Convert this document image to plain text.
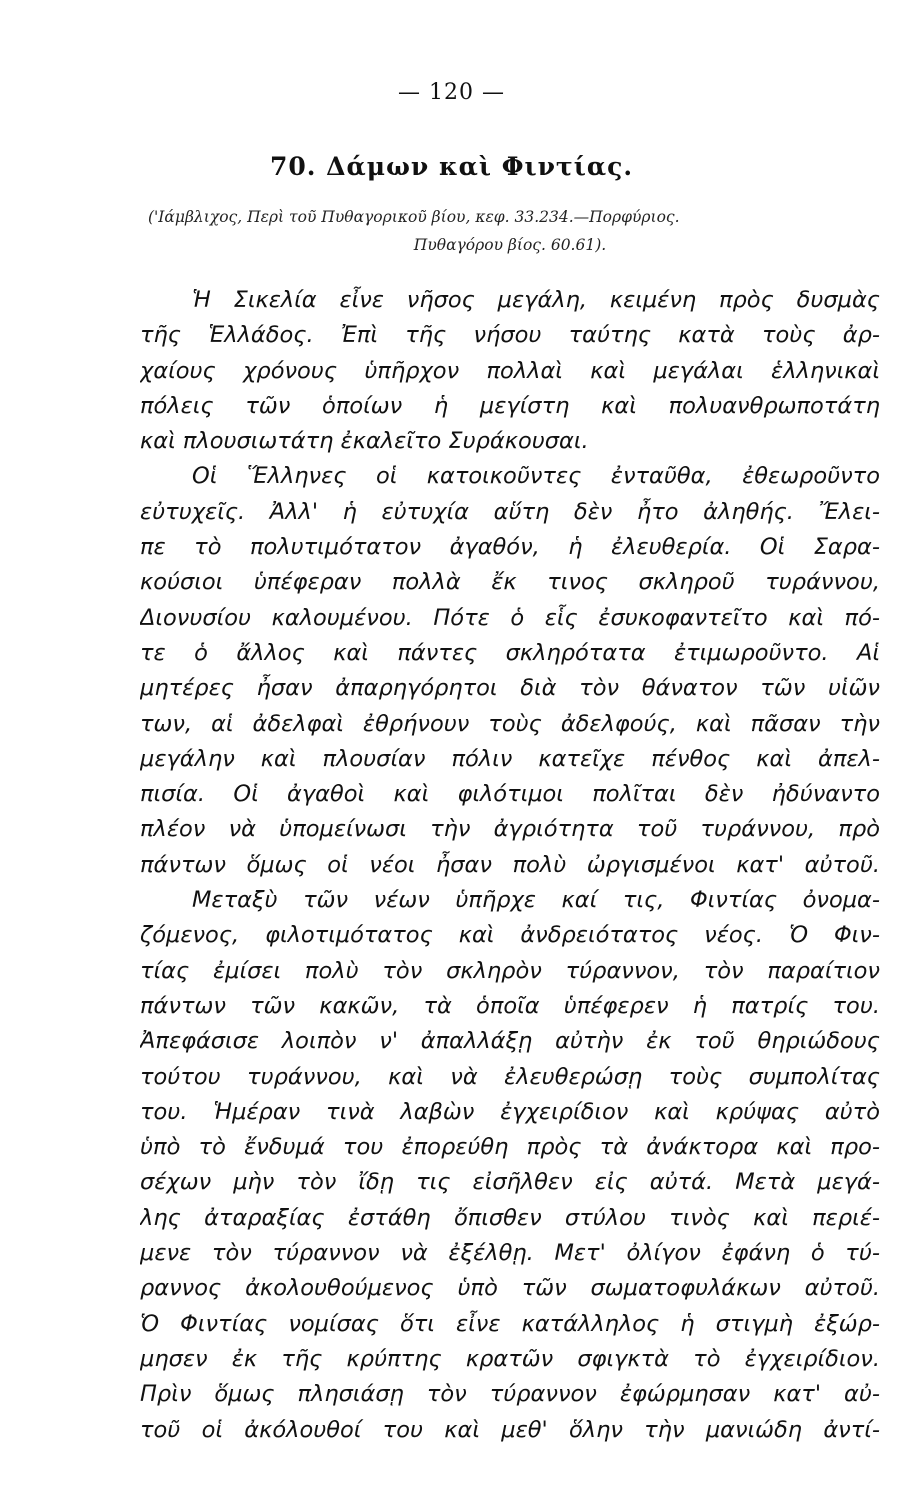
— 120 —
70. Δάμων καὶ Φιντίας.
('Ιάμβλιχος, Περὶ τοῦ Πυθαγορικοῦ βίου, κεφ. 33.234.—Πορφύριος.
Πυθαγόρου βίος. 60.61).
Ἡ Σικελία εἶνε νῆσος μεγάλη, κειμένη πρὸς δυσμὰς
τῆς Ἑλλάδος. Ἐπὶ τῆς νήσου ταύτης κατὰ τοὺς ἀρ-
χαίους χρόνους ὑπῆρχον πολλαὶ καὶ μεγάλαι ἑλληνικαὶ
πόλεις τῶν ὁποίων ἡ μεγίστη καὶ πολυανθρωποτάτη
καὶ πλουσιωτάτη ἐκαλεῖτο Συράκουσαι.
Οἱ Ἕλληνες οἱ κατοικοῦντες ἐνταῦθα, ἐθεωροῦντο
εὐτυχεῖς. Ἀλλ' ἡ εὐτυχία αὕτη δὲν ἦτο ἀληθής. Ἔλει-
πε τὸ πολυτιμότατον ἀγαθόν, ἡ ἐλευθερία. Οἱ Σαρα-
κούσιοι ὑπέφεραν πολλὰ ἔκ τινος σκληροῦ τυράννου,
Διονυσίου καλουμένου. Πότε ὁ εἷς ἐσυκοφαντεῖτο καὶ πό-
τε ὁ ἄλλος καὶ πάντες σκληρότατα ἐτιμωροῦντο. Αἱ
μητέρες ἦσαν ἀπαρηγόρητοι διὰ τὸν θάνατον τῶν υἱῶν
των, αἱ ἀδελφαὶ ἐθρήνουν τοὺς ἀδελφούς, καὶ πᾶσαν τὴν
μεγάλην καὶ πλουσίαν πόλιν κατεῖχε πένθος καὶ ἀπελ-
πισία. Οἱ ἀγαθοὶ καὶ φιλότιμοι πολῖται δὲν ἠδύναντο
πλέον νὰ ὑπομείνωσι τὴν ἀγριότητα τοῦ τυράννου, πρὸ
πάντων ὅμως οἱ νέοι ἦσαν πολὺ ὠργισμένοι κατ' αὐτοῦ.
Μεταξὺ τῶν νέων ὑπῆρχε καί τις, Φιντίας ὀνομα-
ζόμενος, φιλοτιμότατος καὶ ἀνδρειότατος νέος. Ὁ Φιν-
τίας ἐμίσει πολὺ τὸν σκληρὸν τύραννον, τὸν παραίτιον
πάντων τῶν κακῶν, τὰ ὁποῖα ὑπέφερεν ἡ πατρίς του.
Ἀπεφάσισε λοιπὸν ν' ἀπαλλάξῃ αὐτὴν ἐκ τοῦ θηριώδους
τούτου τυράννου, καὶ νὰ ἐλευθερώσῃ τοὺς συμπολίτας
του. Ἡμέραν τινὰ λαβὼν ἐγχειρίδιον καὶ κρύψας αὐτὸ
ὑπὸ τὸ ἔνδυμά του ἐπορεύθη πρὸς τὰ ἀνάκτορα καὶ προ-
σέχων μὴν τὸν ἴδῃ τις εἰσῆλθεν εἰς αὐτά. Μετὰ μεγά-
λης ἀταραξίας ἐστάθη ὄπισθεν στύλου τινὸς καὶ περιέ-
μενε τὸν τύραννον νὰ ἐξέλθῃ. Μετ' ὀλίγον ἐφάνη ὁ τύ-
ραννος ἀκολουθούμενος ὑπὸ τῶν σωματοφυλάκων αὐτοῦ.
Ὁ Φιντίας νομίσας ὅτι εἶνε κατάλληλος ἡ στιγμὴ ἐξώρ-
μησεν ἐκ τῆς κρύπτης κρατῶν σφιγκτὰ τὸ ἐγχειρίδιον.
Πρὶν ὅμως πλησιάσῃ τὸν τύραννον ἐφώρμησαν κατ' αὐ-
τοῦ οἱ ἀκόλουθοί του καὶ μεθ' ὅλην τὴν μανιώδη ἀντί-
